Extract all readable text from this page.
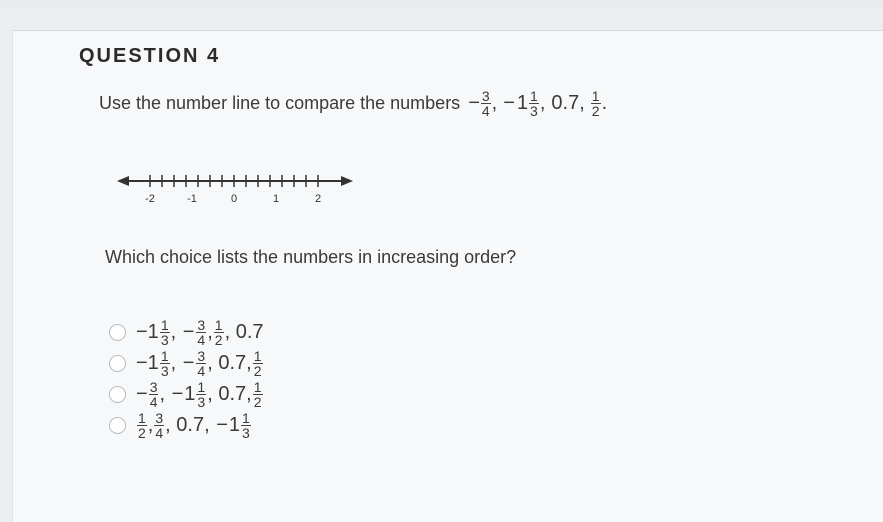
QUESTION 4
Use the number line to compare the numbers − $\frac{3}{4}$ , − $1 \frac{1}{3}$ , 0.7, $\frac{1}{2}$ .
-2	-1	0	1	2
Which choice lists the numbers in increasing order?
$-1 \frac{1}{3}$ , − $\frac{3}{4}$ , $\frac{1}{2}$ , 0.7
$-1 \frac{1}{3}$ , − $\frac{3}{4}$ , 0.7, $\frac{1}{2}$
− $\frac{3}{4}$ , − $1 \frac{1}{3}$ , 0.7, $\frac{1}{2}$
$\frac{1}{2}$ , $\frac{3}{4}$ , 0.7, − $1 \frac{1}{3}$
